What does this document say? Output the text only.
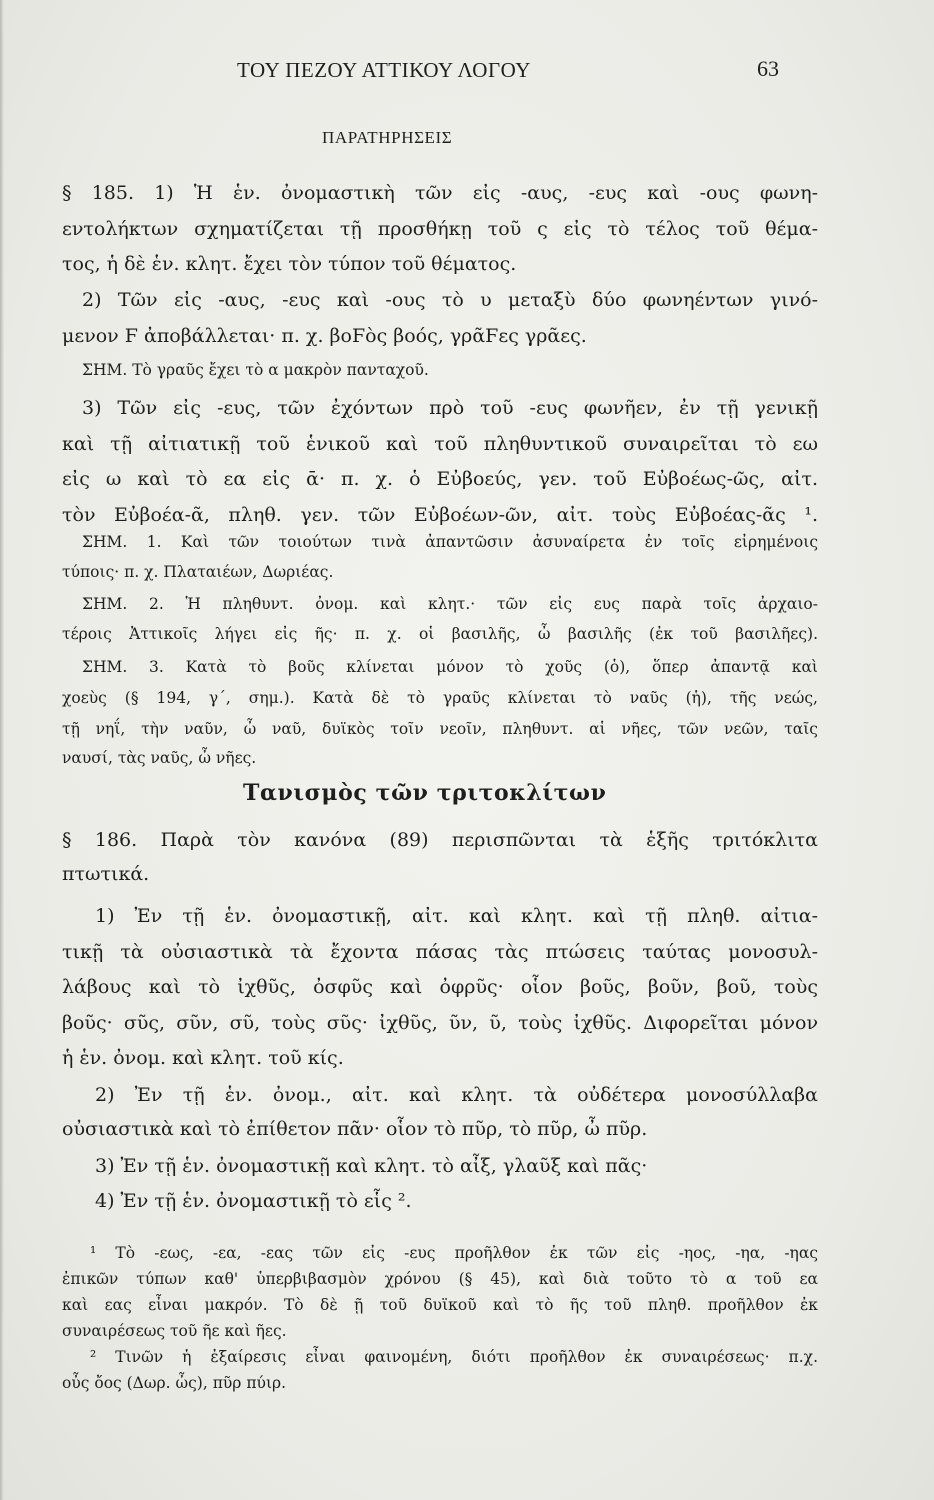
ΤΟΥ ΠΕΖΟΥ ΑΤΤΙΚΟΥ ΛΟΓΟΥ	63
ΠΑΡΑΤΗΡΗΣΕΙΣ
§ 185. 1) Ἡ ἑν. ὀνομαστικὴ τῶν εἰς -αυς, -ευς καὶ -ους φωνη-
εντολήκτων σχηματίζεται τῇ προσθήκῃ τοῦ ς εἰς τὸ τέλος τοῦ θέμα-
τος, ἡ δὲ ἑν. κλητ. ἔχει τὸν τύπον τοῦ θέματος.
2) Τῶν εἰς -αυς, -ευς καὶ -ους τὸ υ μεταξὺ δύο φωνηέντων γινό-
μενον Ϝ ἀποβάλλεται· π. χ. βοϜὸς βοός, γρᾶϜες γρᾶες.
ΣΗΜ. Τὸ γραῦς ἔχει τὸ α μακρὸν πανταχοῦ.
3) Τῶν εἰς -ευς, τῶν ἐχόντων πρὸ τοῦ -ευς φωνῆεν, ἐν τῇ γενικῇ
καὶ τῇ αἰτιατικῇ τοῦ ἑνικοῦ καὶ τοῦ πληθυντικοῦ συναιρεῖται τὸ εω
εἰς ω καὶ τὸ εα εἰς ᾱ· π. χ. ὁ Εὐβοεύς, γεν. τοῦ Εὐβοέως-ῶς, αἰτ.
τὸν Εὐβοέα-ᾶ, πληθ. γεν. τῶν Εὐβοέων-ῶν, αἰτ. τοὺς Εὐβοέας-ᾶς ¹.
ΣΗΜ. 1. Καὶ τῶν τοιούτων τινὰ ἀπαντῶσιν ἀσυναίρετα ἐν τοῖς εἰρημένοις
τύποις· π. χ. Πλαταιέων, Δωριέας.
ΣΗΜ. 2. Ἡ πληθυντ. ὀνομ. καὶ κλητ.· τῶν εἰς ευς παρὰ τοῖς ἀρχαιο-
τέροις Ἀττικοῖς λήγει εἰς ῆς· π. χ. οἱ βασιλῆς, ὦ βασιλῆς (ἐκ τοῦ βασιλῆες).
ΣΗΜ. 3. Κατὰ τὸ βοῦς κλίνεται μόνον τὸ χοῦς (ὁ), ὅπερ ἀπαντᾷ καὶ
χοεὺς (§ 194, γ΄, σημ.). Κατὰ δὲ τὸ γραῦς κλίνεται τὸ ναῦς (ἡ), τῆς νεώς,
τῇ νηΐ, τὴν ναῦν, ὦ ναῦ, δυϊκὸς τοῖν νεοῖν, πληθυντ. αἱ νῆες, τῶν νεῶν, ταῖς
ναυσί, τὰς ναῦς, ὦ νῆες.
Τανισμὸς τῶν τριτοκλίτων
§ 186. Παρὰ τὸν κανόνα (89) περισπῶνται τὰ ἑξῆς τριτόκλιτα
πτωτικά.
1) Ἐν τῇ ἑν. ὀνομαστικῇ, αἰτ. καὶ κλητ. καὶ τῇ πληθ. αἰτια-
τικῇ τὰ οὐσιαστικὰ τὰ ἔχοντα πάσας τὰς πτώσεις ταύτας μονοσυλ-
λάβους καὶ τὸ ἰχθῦς, ὀσφῦς καὶ ὀφρῦς· οἷον βοῦς, βοῦν, βοῦ, τοὺς
βοῦς· σῦς, σῦν, σῦ, τοὺς σῦς· ἰχθῦς, ῦν, ῦ, τοὺς ἰχθῦς. Διφορεῖται μόνον
ἡ ἑν. ὀνομ. καὶ κλητ. τοῦ κίς.
2) Ἐν τῇ ἑν. ὀνομ., αἰτ. καὶ κλητ. τὰ οὐδέτερα μονοσύλλαβα
οὐσιαστικὰ καὶ τὸ ἐπίθετον πᾶν· οἷον τὸ πῦρ, τὸ πῦρ, ὦ πῦρ.
3) Ἐν τῇ ἑν. ὀνομαστικῇ καὶ κλητ. τὸ αἶξ, γλαῦξ καὶ πᾶς·
4) Ἐν τῇ ἑν. ὀνομαστικῇ τὸ εἷς ².
¹ Τὸ -εως, -εα, -εας τῶν εἰς -ευς προῆλθον ἐκ τῶν εἰς -ηος, -ηα, -ηας
ἐπικῶν τύπων καθ' ὑπερβιβασμὸν χρόνου (§ 45), καὶ διὰ τοῦτο τὸ α τοῦ εα
καὶ εας εἶναι μακρόν. Τὸ δὲ ῇ τοῦ δυϊκοῦ καὶ τὸ ῆς τοῦ πληθ. προῆλθον ἐκ
συναιρέσεως τοῦ ῆε καὶ ῆες.
² Τινῶν ἡ ἐξαίρεσις εἶναι φαινομένη, διότι προῆλθον ἐκ συναιρέσεως· π.χ.
οὖς ὄος (Δωρ. ὦς), πῦρ πύιρ.
